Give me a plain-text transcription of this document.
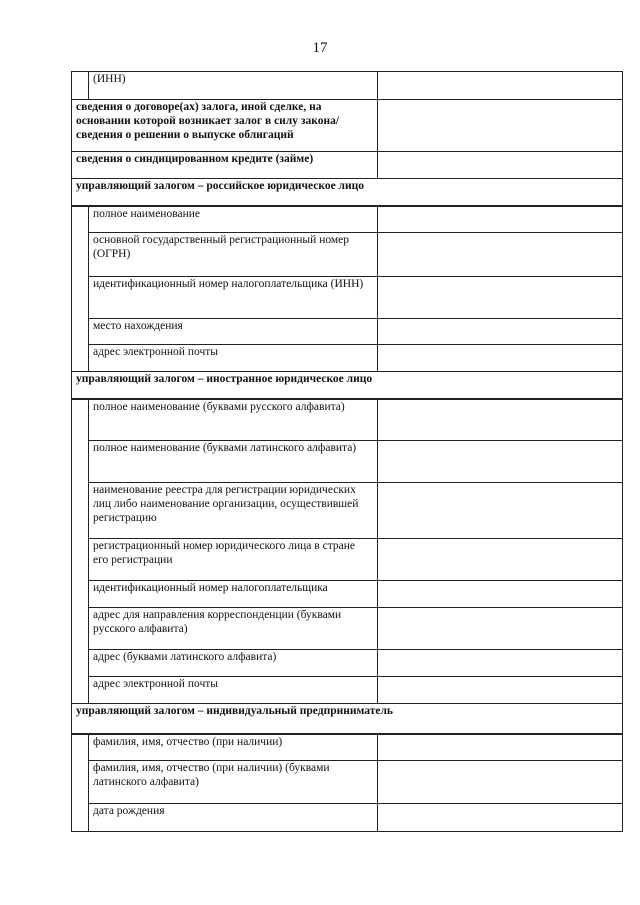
17
	(ИНН)	
сведения о договоре(ах) залога, иной сделке, на основании которой возникает залог в силу закона/сведения о решении о выпуске облигаций		
сведения о синдицированном кредите (займе)		
управляющий залогом – российское юридическое лицо		
	полное наименование	
	основной государственный регистрационный номер (ОГРН)	
	идентификационный номер налогоплательщика (ИНН)	
	место нахождения	
	адрес электронной почты	
управляющий залогом – иностранное юридическое лицо		
	полное наименование (буквами русского алфавита)	
	полное наименование (буквами латинского алфавита)	
	наименование реестра для регистрации юридических лиц либо наименование организации, осуществившей регистрацию	
	регистрационный номер юридического лица в стране его регистрации	
	идентификационный номер налогоплательщика	
	адрес для направления корреспонденции (буквами русского алфавита)	
	адрес (буквами латинского алфавита)	
	адрес электронной почты	
управляющий залогом – индивидуальный предприниматель		
	фамилия, имя, отчество (при наличии)	
	фамилия, имя, отчество (при наличии) (буквами латинского алфавита)	
	дата рождения	
